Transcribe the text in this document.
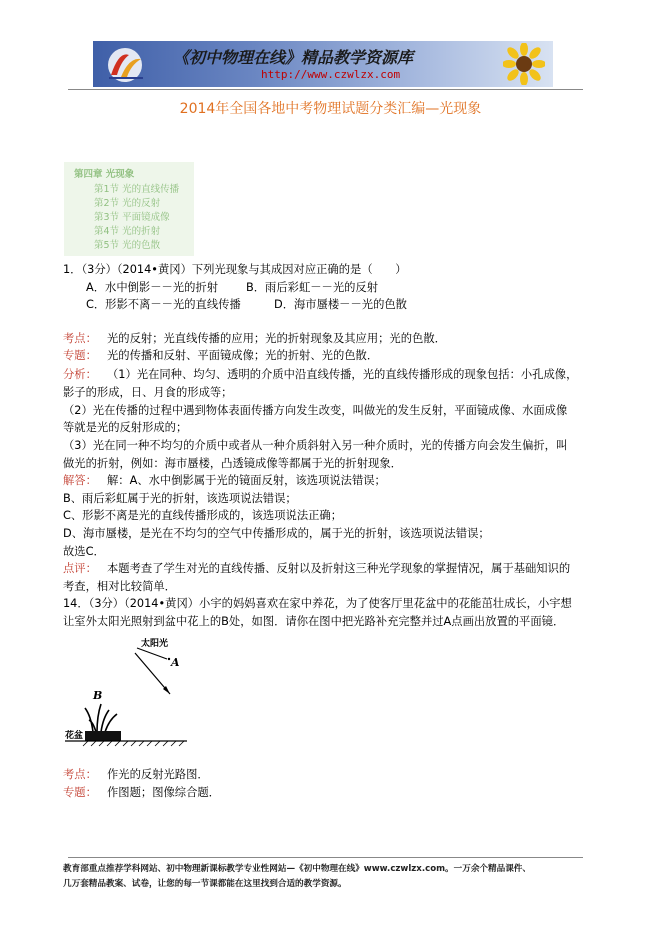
《初中物理在线》精品教学资源库
http://www.czwlzx.com
2014年全国各地中考物理试题分类汇编—光现象
第四章 光现象
第1节 光的直线传播
第2节 光的反射
第3节 平面镜成像
第4节 光的折射
第5节 光的色散
1．（3分）（2014•黄冈）下列光现象与其成因对应正确的是（　　）
A．水中倒影－－光的折射 B．雨后彩虹－－光的反射
C．形影不离－－光的直线传播	D．海市蜃楼－－光的色散
考点： 光的反射；光直线传播的应用；光的折射现象及其应用；光的色散．
专题： 光的传播和反射、平面镜成像；光的折射、光的色散．
分析： （1）光在同种、均匀、透明的介质中沿直线传播，光的直线传播形成的现象包括：小孔成像，
影子的形成，日、月食的形成等；
（2）光在传播的过程中遇到物体表面传播方向发生改变，叫做光的发生反射，平面镜成像、水面成像
等就是光的反射形成的；
（3）光在同一种不均匀的介质中或者从一种介质斜射入另一种介质时，光的传播方向会发生偏折，叫
做光的折射，例如：海市蜃楼，凸透镜成像等都属于光的折射现象．
解答： 解：A、水中倒影属于光的镜面反射，该选项说法错误；
B、雨后彩虹属于光的折射，该选项说法错误；
C、形影不离是光的直线传播形成的，该选项说法正确；
D、海市蜃楼，是光在不均匀的空气中传播形成的，属于光的折射，该选项说法错误；
故选C．
点评： 本题考查了学生对光的直线传播、反射以及折射这三种光学现象的掌握情况，属于基础知识的
考查，相对比较简单．
14．（3分）（2014•黄冈）小宇的妈妈喜欢在家中养花，为了使客厅里花盆中的花能茁壮成长，小宇想
让室外太阳光照射到盆中花上的B处，如图．请你在图中把光路补充完整并过A点画出放置的平面镜．
太阳光
A
B
花盆
考点： 作光的反射光路图．
专题： 作图题；图像综合题．
教育部重点推荐学科网站、初中物理新课标教学专业性网站—《初中物理在线》www.czwlzx.com。一万余个精品课件、
几万套精品教案、试卷，让您的每一节课都能在这里找到合适的教学资源。
